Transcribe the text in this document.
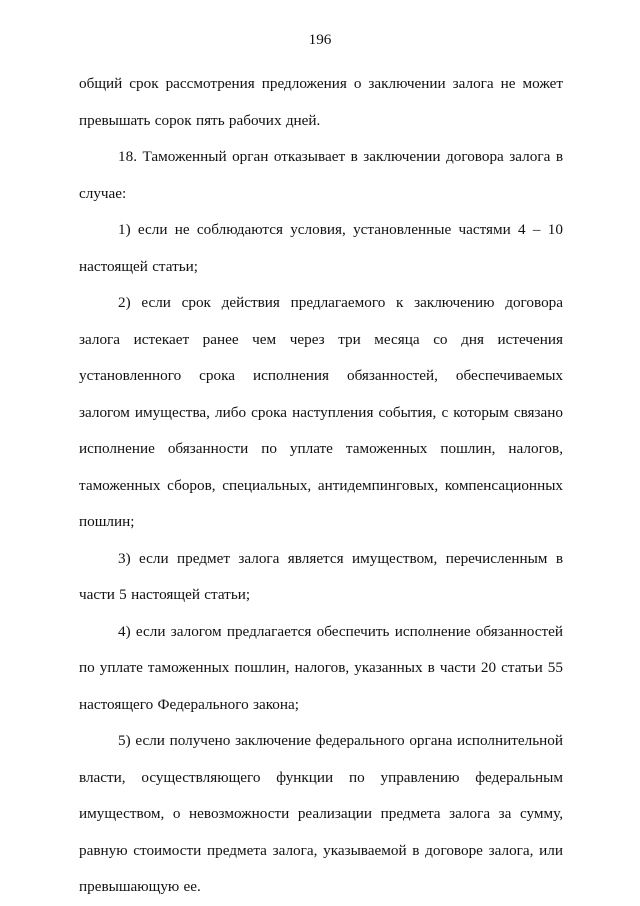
196

общий срок рассмотрения предложения о заключении залога не может превышать сорок пять рабочих дней.

18. Таможенный орган отказывает в заключении договора залога в случае:

1) если не соблюдаются условия, установленные частями 4 – 10 настоящей статьи;

2) если срок действия предлагаемого к заключению договора залога истекает ранее чем через три месяца со дня истечения установленного срока исполнения обязанностей, обеспечиваемых залогом имущества, либо срока наступления события, с которым связано исполнение обязанности по уплате таможенных пошлин, налогов, таможенных сборов, специальных, антидемпинговых, компенсационных пошлин;

3) если предмет залога является имуществом, перечисленным в части 5 настоящей статьи;

4) если залогом предлагается обеспечить исполнение обязанностей по уплате таможенных пошлин, налогов, указанных в части 20 статьи 55 настоящего Федерального закона;

5) если получено заключение федерального органа исполнительной власти, осуществляющего функции по управлению федеральным имуществом, о невозможности реализации предмета залога за сумму, равную стоимости предмета залога, указываемой в договоре залога, или превышающую ее.
